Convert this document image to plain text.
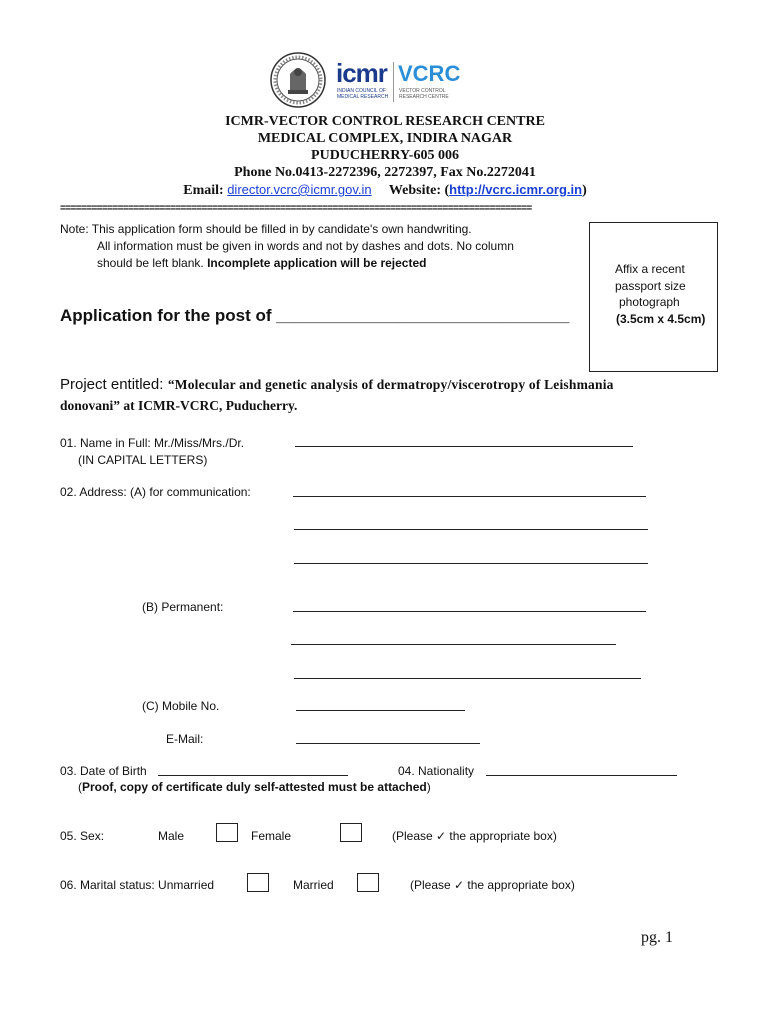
icmr
INDIAN COUNCIL OF
MEDICAL RESEARCH
VCRC
VECTOR CONTROL
RESEARCH CENTRE
ICMR-VECTOR CONTROL RESEARCH CENTRE
MEDICAL COMPLEX, INDIRA NAGAR
PUDUCHERRY-605 006
Phone No.0413-2272396, 2272397, Fax No.2272041
Email: director.vcrc@icmr.gov.in Website: (http://vcrc.icmr.org.in)
==========================================================================================
Note: This application form should be filled in by candidate's own handwriting.
All information must be given in words and not by dashes and dots. No column
should be left blank. Incomplete application will be rejected	Affix a recent
passport size
photograph
(3.5cm x 4.5cm)
Application for the post of _______________________________
Project entitled: “Molecular and genetic analysis of dermatropy/viscerotropy of Leishmania
donovani” at ICMR-VCRC, Puducherry.
01. Name in Full: Mr./Miss/Mrs./Dr.
(IN CAPITAL LETTERS)
02. Address: (A) for communication:
(B) Permanent:
(C) Mobile No.
E-Mail:
03. Date of Birth	04. Nationality
(Proof, copy of certificate duly self-attested must be attached)
05. Sex:	Male	Female	(Please ✓ the appropriate box)
06. Marital status: Unmarried	Married	(Please ✓ the appropriate box)
pg. 1
